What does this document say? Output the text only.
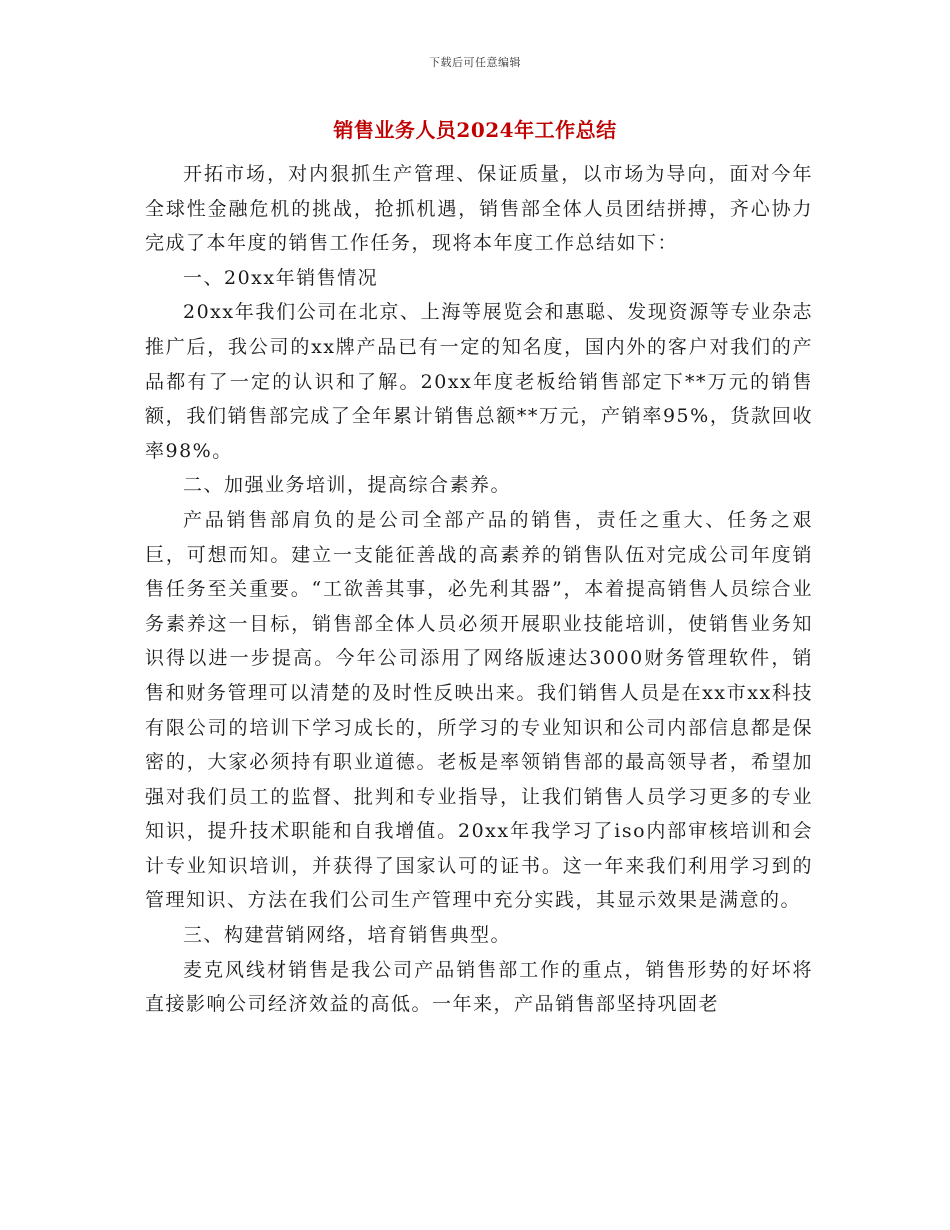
下载后可任意编辑
销售业务人员2024年工作总结

开拓市场，对内狠抓生产管理、保证质量，以市场为导向，面对今年全球性金融危机的挑战，抢抓机遇，销售部全体人员团结拼搏，齐心协力完成了本年度的销售工作任务，现将本年度工作总结如下：

一、20xx年销售情况

20xx年我们公司在北京、上海等展览会和惠聪、发现资源等专业杂志推广后，我公司的xx牌产品已有一定的知名度，国内外的客户对我们的产品都有了一定的认识和了解。20xx年度老板给销售部定下**万元的销售额，我们销售部完成了全年累计销售总额**万元，产销率95%，货款回收率98%。

二、加强业务培训，提高综合素养。

产品销售部肩负的是公司全部产品的销售，责任之重大、任务之艰巨，可想而知。建立一支能征善战的高素养的销售队伍对完成公司年度销售任务至关重要。“工欲善其事，必先利其器”，本着提高销售人员综合业务素养这一目标，销售部全体人员必须开展职业技能培训，使销售业务知识得以进一步提高。今年公司添用了网络版速达3000财务管理软件，销售和财务管理可以清楚的及时性反映出来。我们销售人员是在xx市xx科技有限公司的培训下学习成长的，所学习的专业知识和公司内部信息都是保密的，大家必须持有职业道德。老板是率领销售部的最高领导者，希望加强对我们员工的监督、批判和专业指导，让我们销售人员学习更多的专业知识，提升技术职能和自我增值。20xx年我学习了iso内部审核培训和会计专业知识培训，并获得了国家认可的证书。这一年来我们利用学习到的管理知识、方法在我们公司生产管理中充分实践，其显示效果是满意的。

三、构建营销网络，培育销售典型。

麦克风线材销售是我公司产品销售部工作的重点，销售形势的好坏将直接影响公司经济效益的高低。一年来，产品销售部坚持巩固老
